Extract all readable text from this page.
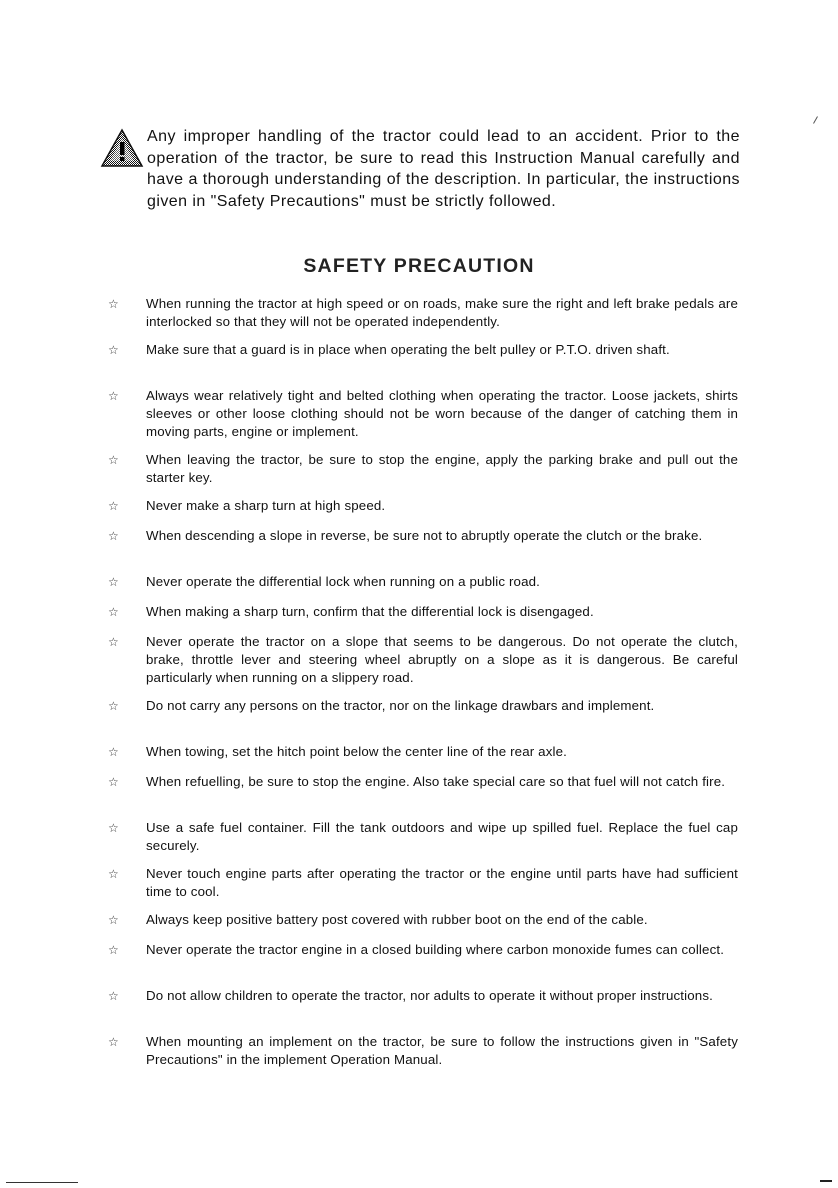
Any improper handling of the tractor could lead to an accident. Prior to the operation of the tractor, be sure to read this Instruction Manual carefully and have a thorough understanding of the description. In particular, the instructions given in "Safety Precautions" must be strictly followed.
SAFETY PRECAUTION
☆ When running the tractor at high speed or on roads, make sure the right and left brake pedals are interlocked so that they will not be operated independently.
☆ Make sure that a guard is in place when operating the belt pulley or P.T.O. driven shaft.
☆ Always wear relatively tight and belted clothing when operating the tractor. Loose jackets, shirts sleeves or other loose clothing should not be worn because of the danger of catching them in moving parts, engine or implement.
☆ When leaving the tractor, be sure to stop the engine, apply the parking brake and pull out the starter key.
☆ Never make a sharp turn at high speed.
☆ When descending a slope in reverse, be sure not to abruptly operate the clutch or the brake.
☆ Never operate the differential lock when running on a public road.
☆ When making a sharp turn, confirm that the differential lock is disengaged.
☆ Never operate the tractor on a slope that seems to be dangerous. Do not operate the clutch, brake, throttle lever and steering wheel abruptly on a slope as it is dangerous. Be careful particularly when running on a slippery road.
☆ Do not carry any persons on the tractor, nor on the linkage drawbars and implement.
☆ When towing, set the hitch point below the center line of the rear axle.
☆ When refuelling, be sure to stop the engine. Also take special care so that fuel will not catch fire.
☆ Use a safe fuel container. Fill the tank outdoors and wipe up spilled fuel. Replace the fuel cap securely.
☆ Never touch engine parts after operating the tractor or the engine until parts have had sufficient time to cool.
☆ Always keep positive battery post covered with rubber boot on the end of the cable.
☆ Never operate the tractor engine in a closed building where carbon monoxide fumes can collect.
☆ Do not allow children to operate the tractor, nor adults to operate it without proper instructions.
☆ When mounting an implement on the tractor, be sure to follow the instructions given in "Safety Precautions" in the implement Operation Manual.
